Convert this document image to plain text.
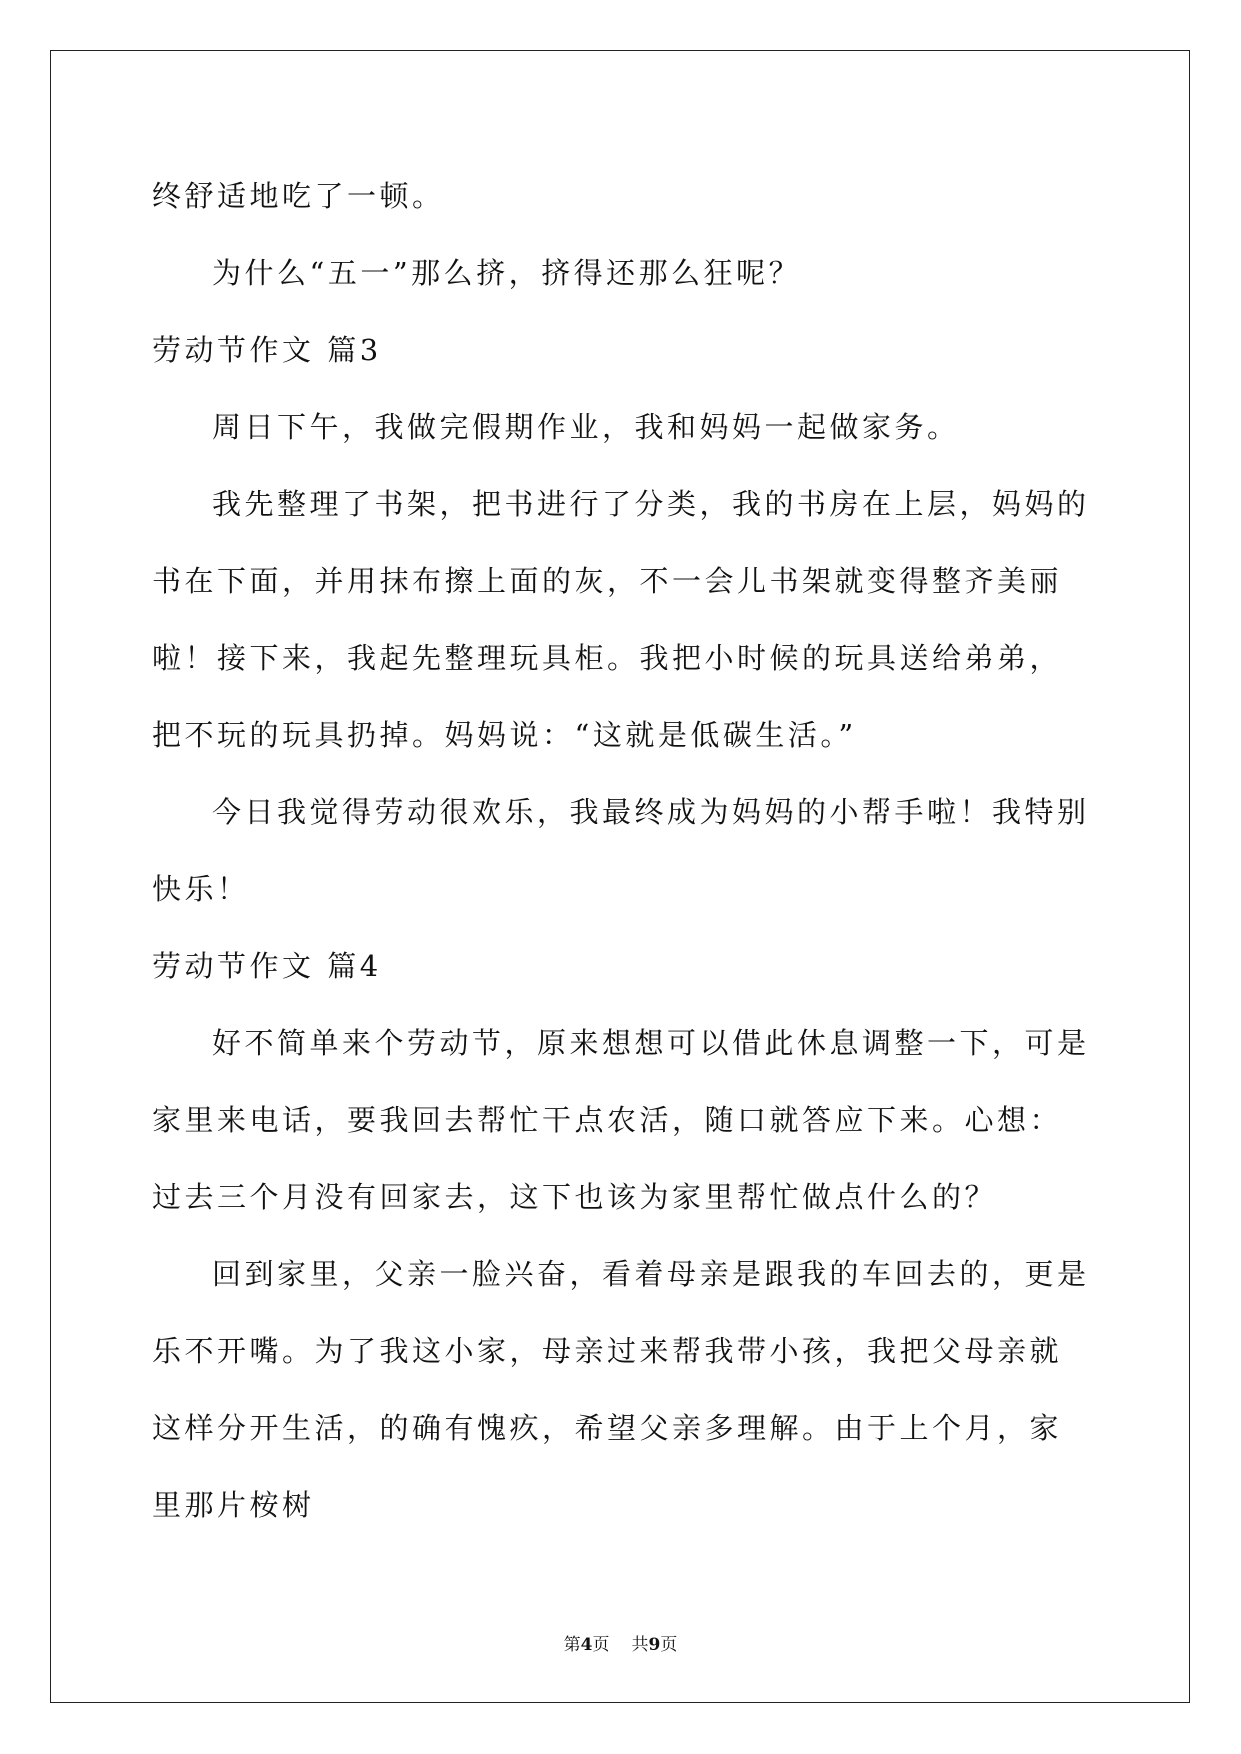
终舒适地吃了一顿。

为什么“五一”那么挤，挤得还那么狂呢？

劳动节作文 篇3

周日下午，我做完假期作业，我和妈妈一起做家务。

我先整理了书架，把书进行了分类，我的书房在上层，妈妈的书在下面，并用抹布擦上面的灰，不一会儿书架就变得整齐美丽啦！接下来，我起先整理玩具柜。我把小时候的玩具送给弟弟，把不玩的玩具扔掉。妈妈说：“这就是低碳生活。”

今日我觉得劳动很欢乐，我最终成为妈妈的小帮手啦！我特别快乐！

劳动节作文 篇4

好不简单来个劳动节，原来想想可以借此休息调整一下，可是家里来电话，要我回去帮忙干点农活，随口就答应下来。心想：过去三个月没有回家去，这下也该为家里帮忙做点什么的？

回到家里，父亲一脸兴奋，看着母亲是跟我的车回去的，更是乐不开嘴。为了我这小家，母亲过来帮我带小孩，我把父母亲就这样分开生活，的确有愧疚，希望父亲多理解。由于上个月，家里那片桉树

第4页 共9页
